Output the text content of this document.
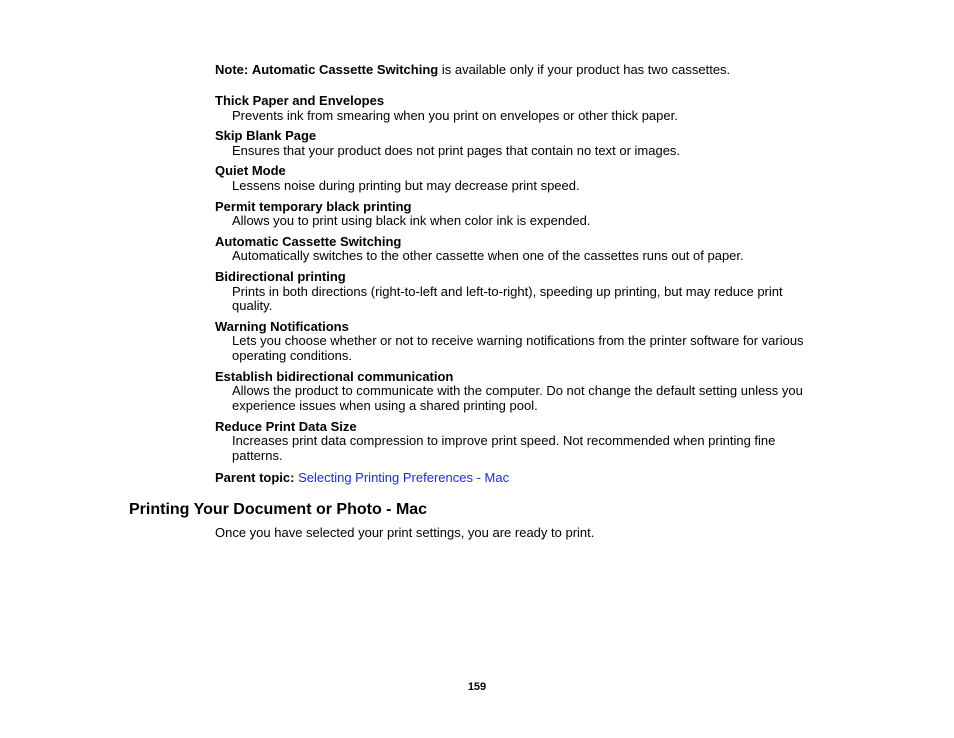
Note: Automatic Cassette Switching is available only if your product has two cassettes.

Thick Paper and Envelopes

Prevents ink from smearing when you print on envelopes or other thick paper.

Skip Blank Page

Ensures that your product does not print pages that contain no text or images.

Quiet Mode

Lessens noise during printing but may decrease print speed.

Permit temporary black printing

Allows you to print using black ink when color ink is expended.

Automatic Cassette Switching

Automatically switches to the other cassette when one of the cassettes runs out of paper.

Bidirectional printing

Prints in both directions (right-to-left and left-to-right), speeding up printing, but may reduce print quality.

Warning Notifications

Lets you choose whether or not to receive warning notifications from the printer software for various operating conditions.

Establish bidirectional communication

Allows the product to communicate with the computer. Do not change the default setting unless you experience issues when using a shared printing pool.

Reduce Print Data Size

Increases print data compression to improve print speed. Not recommended when printing fine patterns.

Parent topic: Selecting Printing Preferences - Mac

Printing Your Document or Photo - Mac

Once you have selected your print settings, you are ready to print.

159
